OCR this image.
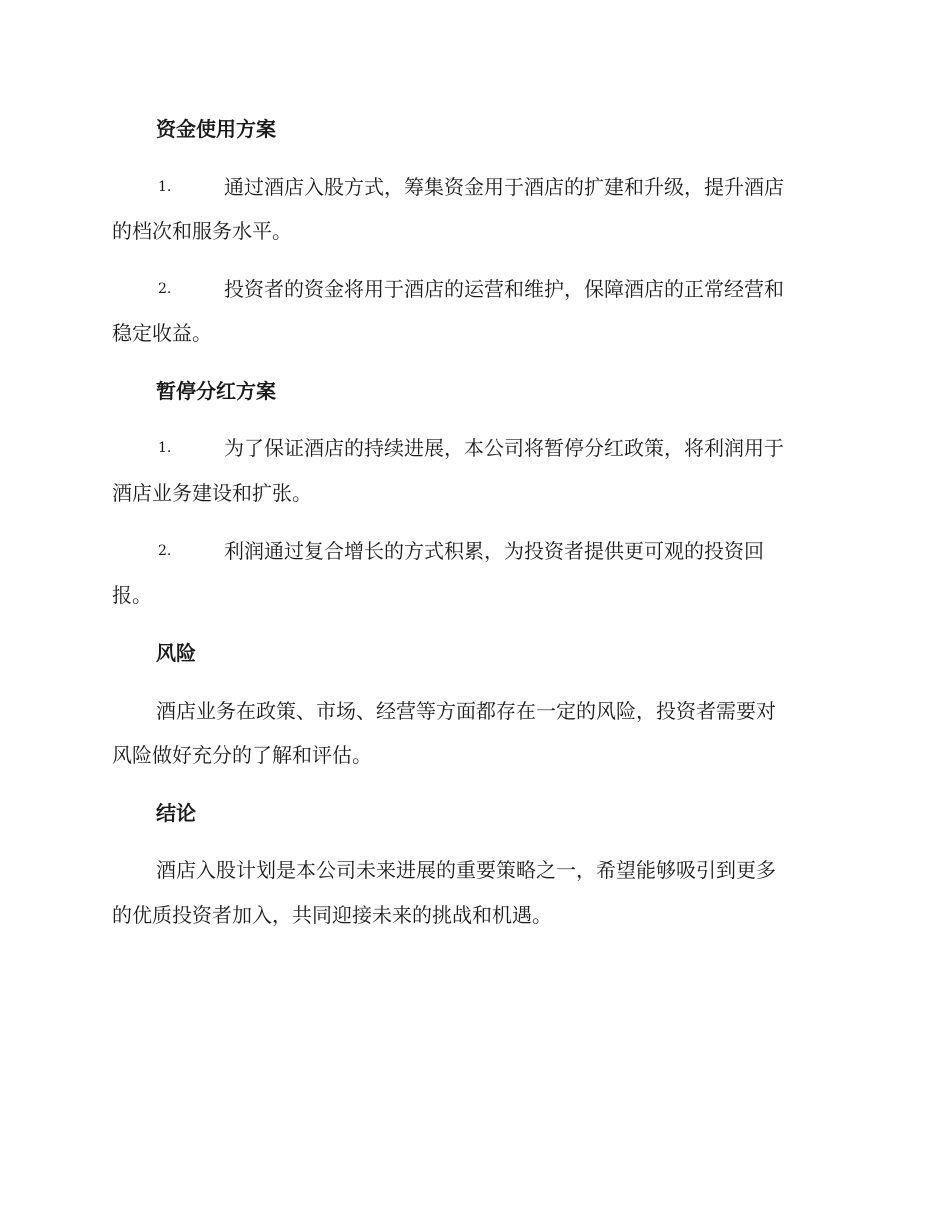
资金使用方案
1.	通过酒店入股方式，筹集资金用于酒店的扩建和升级，提升酒店
的档次和服务水平。
2.	投资者的资金将用于酒店的运营和维护，保障酒店的正常经营和
稳定收益。
暂停分红方案
1.	为了保证酒店的持续进展，本公司将暂停分红政策，将利润用于
酒店业务建设和扩张。
2.	利润通过复合增长的方式积累，为投资者提供更可观的投资回
报。
风险
酒店业务在政策、市场、经营等方面都存在一定的风险，投资者需要对
风险做好充分的了解和评估。
结论
酒店入股计划是本公司未来进展的重要策略之一，希望能够吸引到更多
的优质投资者加入，共同迎接未来的挑战和机遇。
